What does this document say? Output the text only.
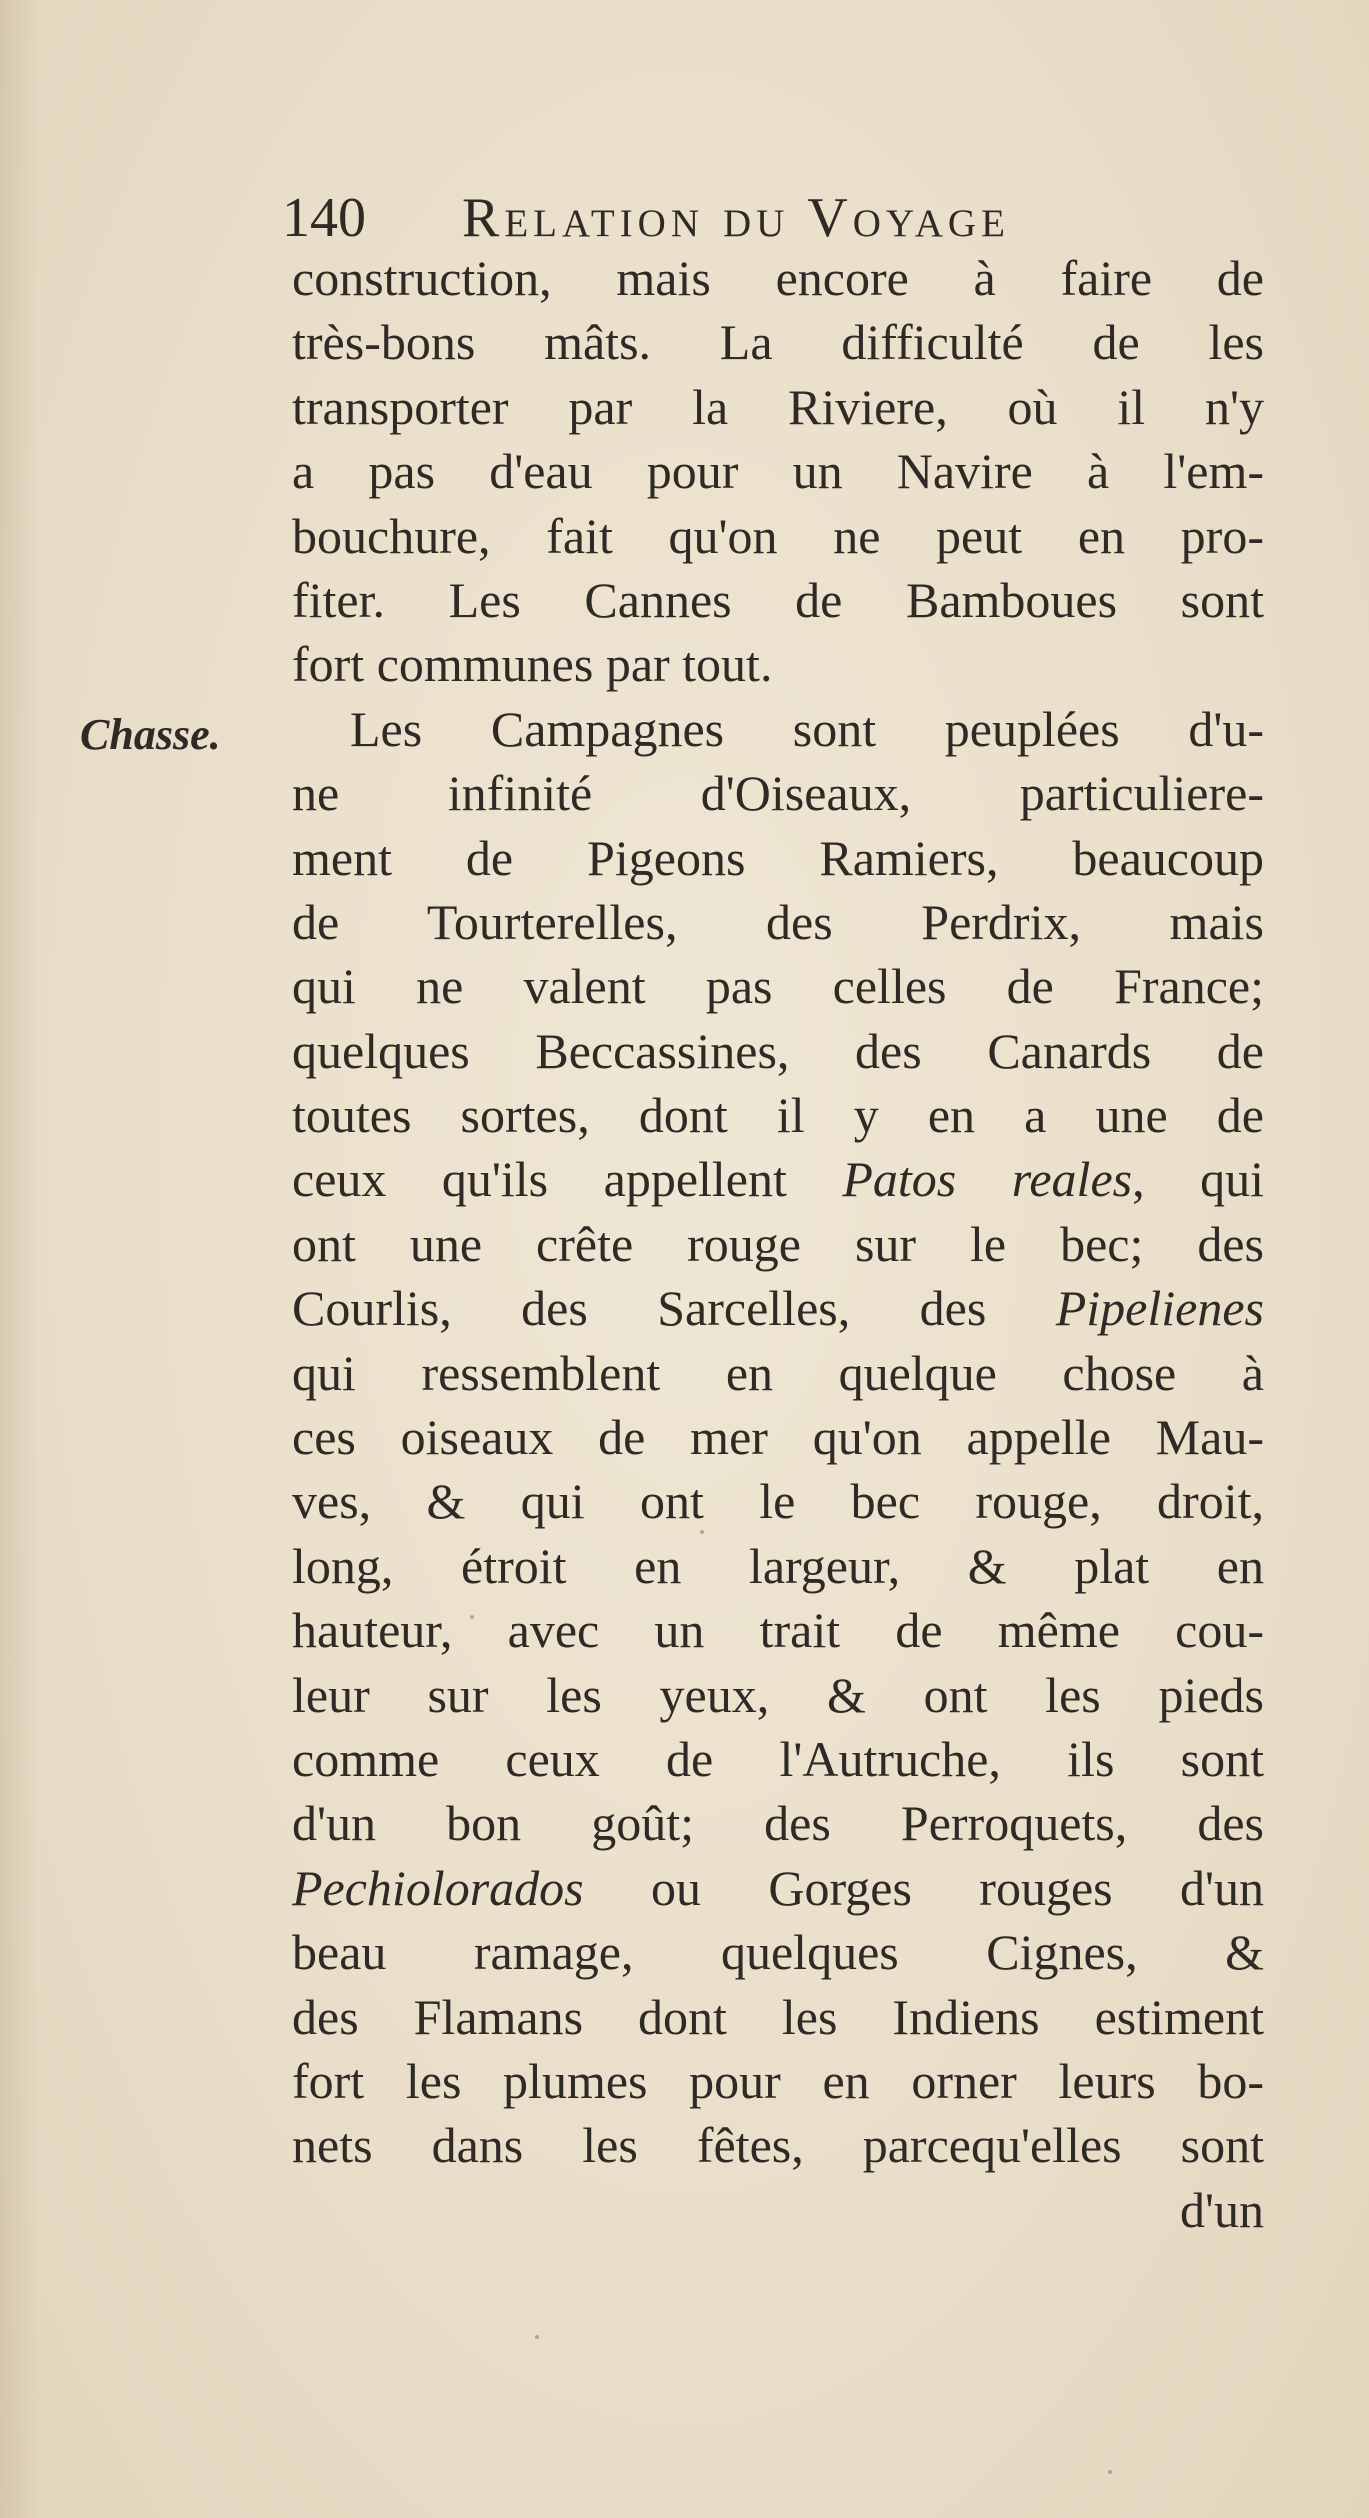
140 Relation du Voyage
Chasse.
construction, mais encore à faire de
très-bons mâts. La difficulté de les
transporter par la Riviere, où il n'y
a pas d'eau pour un Navire à l'em-
bouchure, fait qu'on ne peut en pro-
fiter. Les Cannes de Bamboues sont
fort communes par tout.
Les Campagnes sont peuplées d'u-
ne infinité d'Oiseaux, particuliere-
ment de Pigeons Ramiers, beaucoup
de Tourterelles, des Perdrix, mais
qui ne valent pas celles de France;
quelques Beccassines, des Canards de
toutes sortes, dont il y en a une de
ceux qu'ils appellent Patos reales, qui
ont une crête rouge sur le bec; des
Courlis, des Sarcelles, des Pipelienes
qui ressemblent en quelque chose à
ces oiseaux de mer qu'on appelle Mau-
ves, & qui ont le bec rouge, droit,
long, étroit en largeur, & plat en
hauteur, avec un trait de même cou-
leur sur les yeux, & ont les pieds
comme ceux de l'Autruche, ils sont
d'un bon goût; des Perroquets, des
Pechiolorados ou Gorges rouges d'un
beau ramage, quelques Cignes, &
des Flamans dont les Indiens estiment
fort les plumes pour en orner leurs bo-
nets dans les fêtes, parcequ'elles sont
d'un
